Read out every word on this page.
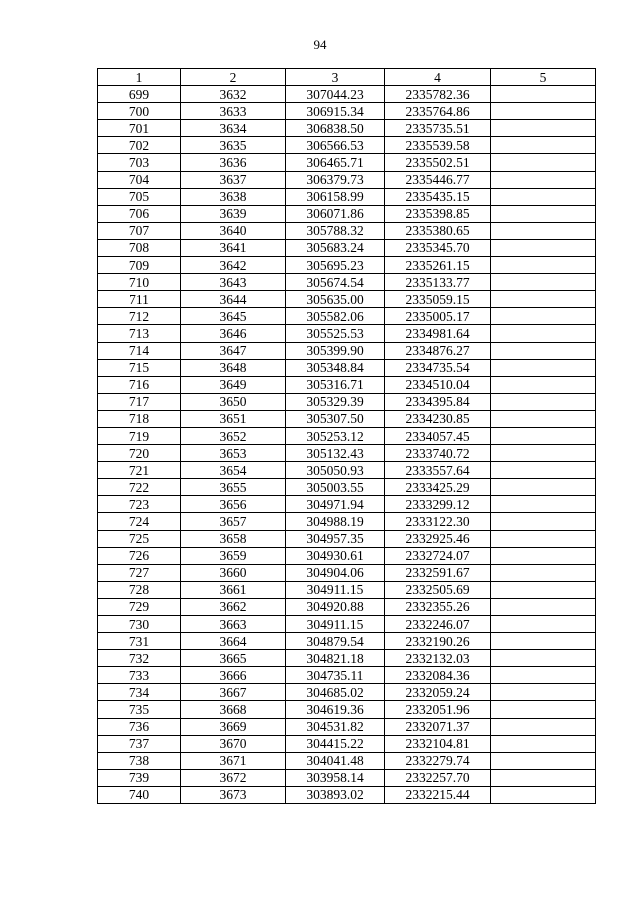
94
1	2	3	4	5
699	3632	307044.23	2335782.36	
700	3633	306915.34	2335764.86	
701	3634	306838.50	2335735.51	
702	3635	306566.53	2335539.58	
703	3636	306465.71	2335502.51	
704	3637	306379.73	2335446.77	
705	3638	306158.99	2335435.15	
706	3639	306071.86	2335398.85	
707	3640	305788.32	2335380.65	
708	3641	305683.24	2335345.70	
709	3642	305695.23	2335261.15	
710	3643	305674.54	2335133.77	
711	3644	305635.00	2335059.15	
712	3645	305582.06	2335005.17	
713	3646	305525.53	2334981.64	
714	3647	305399.90	2334876.27	
715	3648	305348.84	2334735.54	
716	3649	305316.71	2334510.04	
717	3650	305329.39	2334395.84	
718	3651	305307.50	2334230.85	
719	3652	305253.12	2334057.45	
720	3653	305132.43	2333740.72	
721	3654	305050.93	2333557.64	
722	3655	305003.55	2333425.29	
723	3656	304971.94	2333299.12	
724	3657	304988.19	2333122.30	
725	3658	304957.35	2332925.46	
726	3659	304930.61	2332724.07	
727	3660	304904.06	2332591.67	
728	3661	304911.15	2332505.69	
729	3662	304920.88	2332355.26	
730	3663	304911.15	2332246.07	
731	3664	304879.54	2332190.26	
732	3665	304821.18	2332132.03	
733	3666	304735.11	2332084.36	
734	3667	304685.02	2332059.24	
735	3668	304619.36	2332051.96	
736	3669	304531.82	2332071.37	
737	3670	304415.22	2332104.81	
738	3671	304041.48	2332279.74	
739	3672	303958.14	2332257.70	
740	3673	303893.02	2332215.44	
